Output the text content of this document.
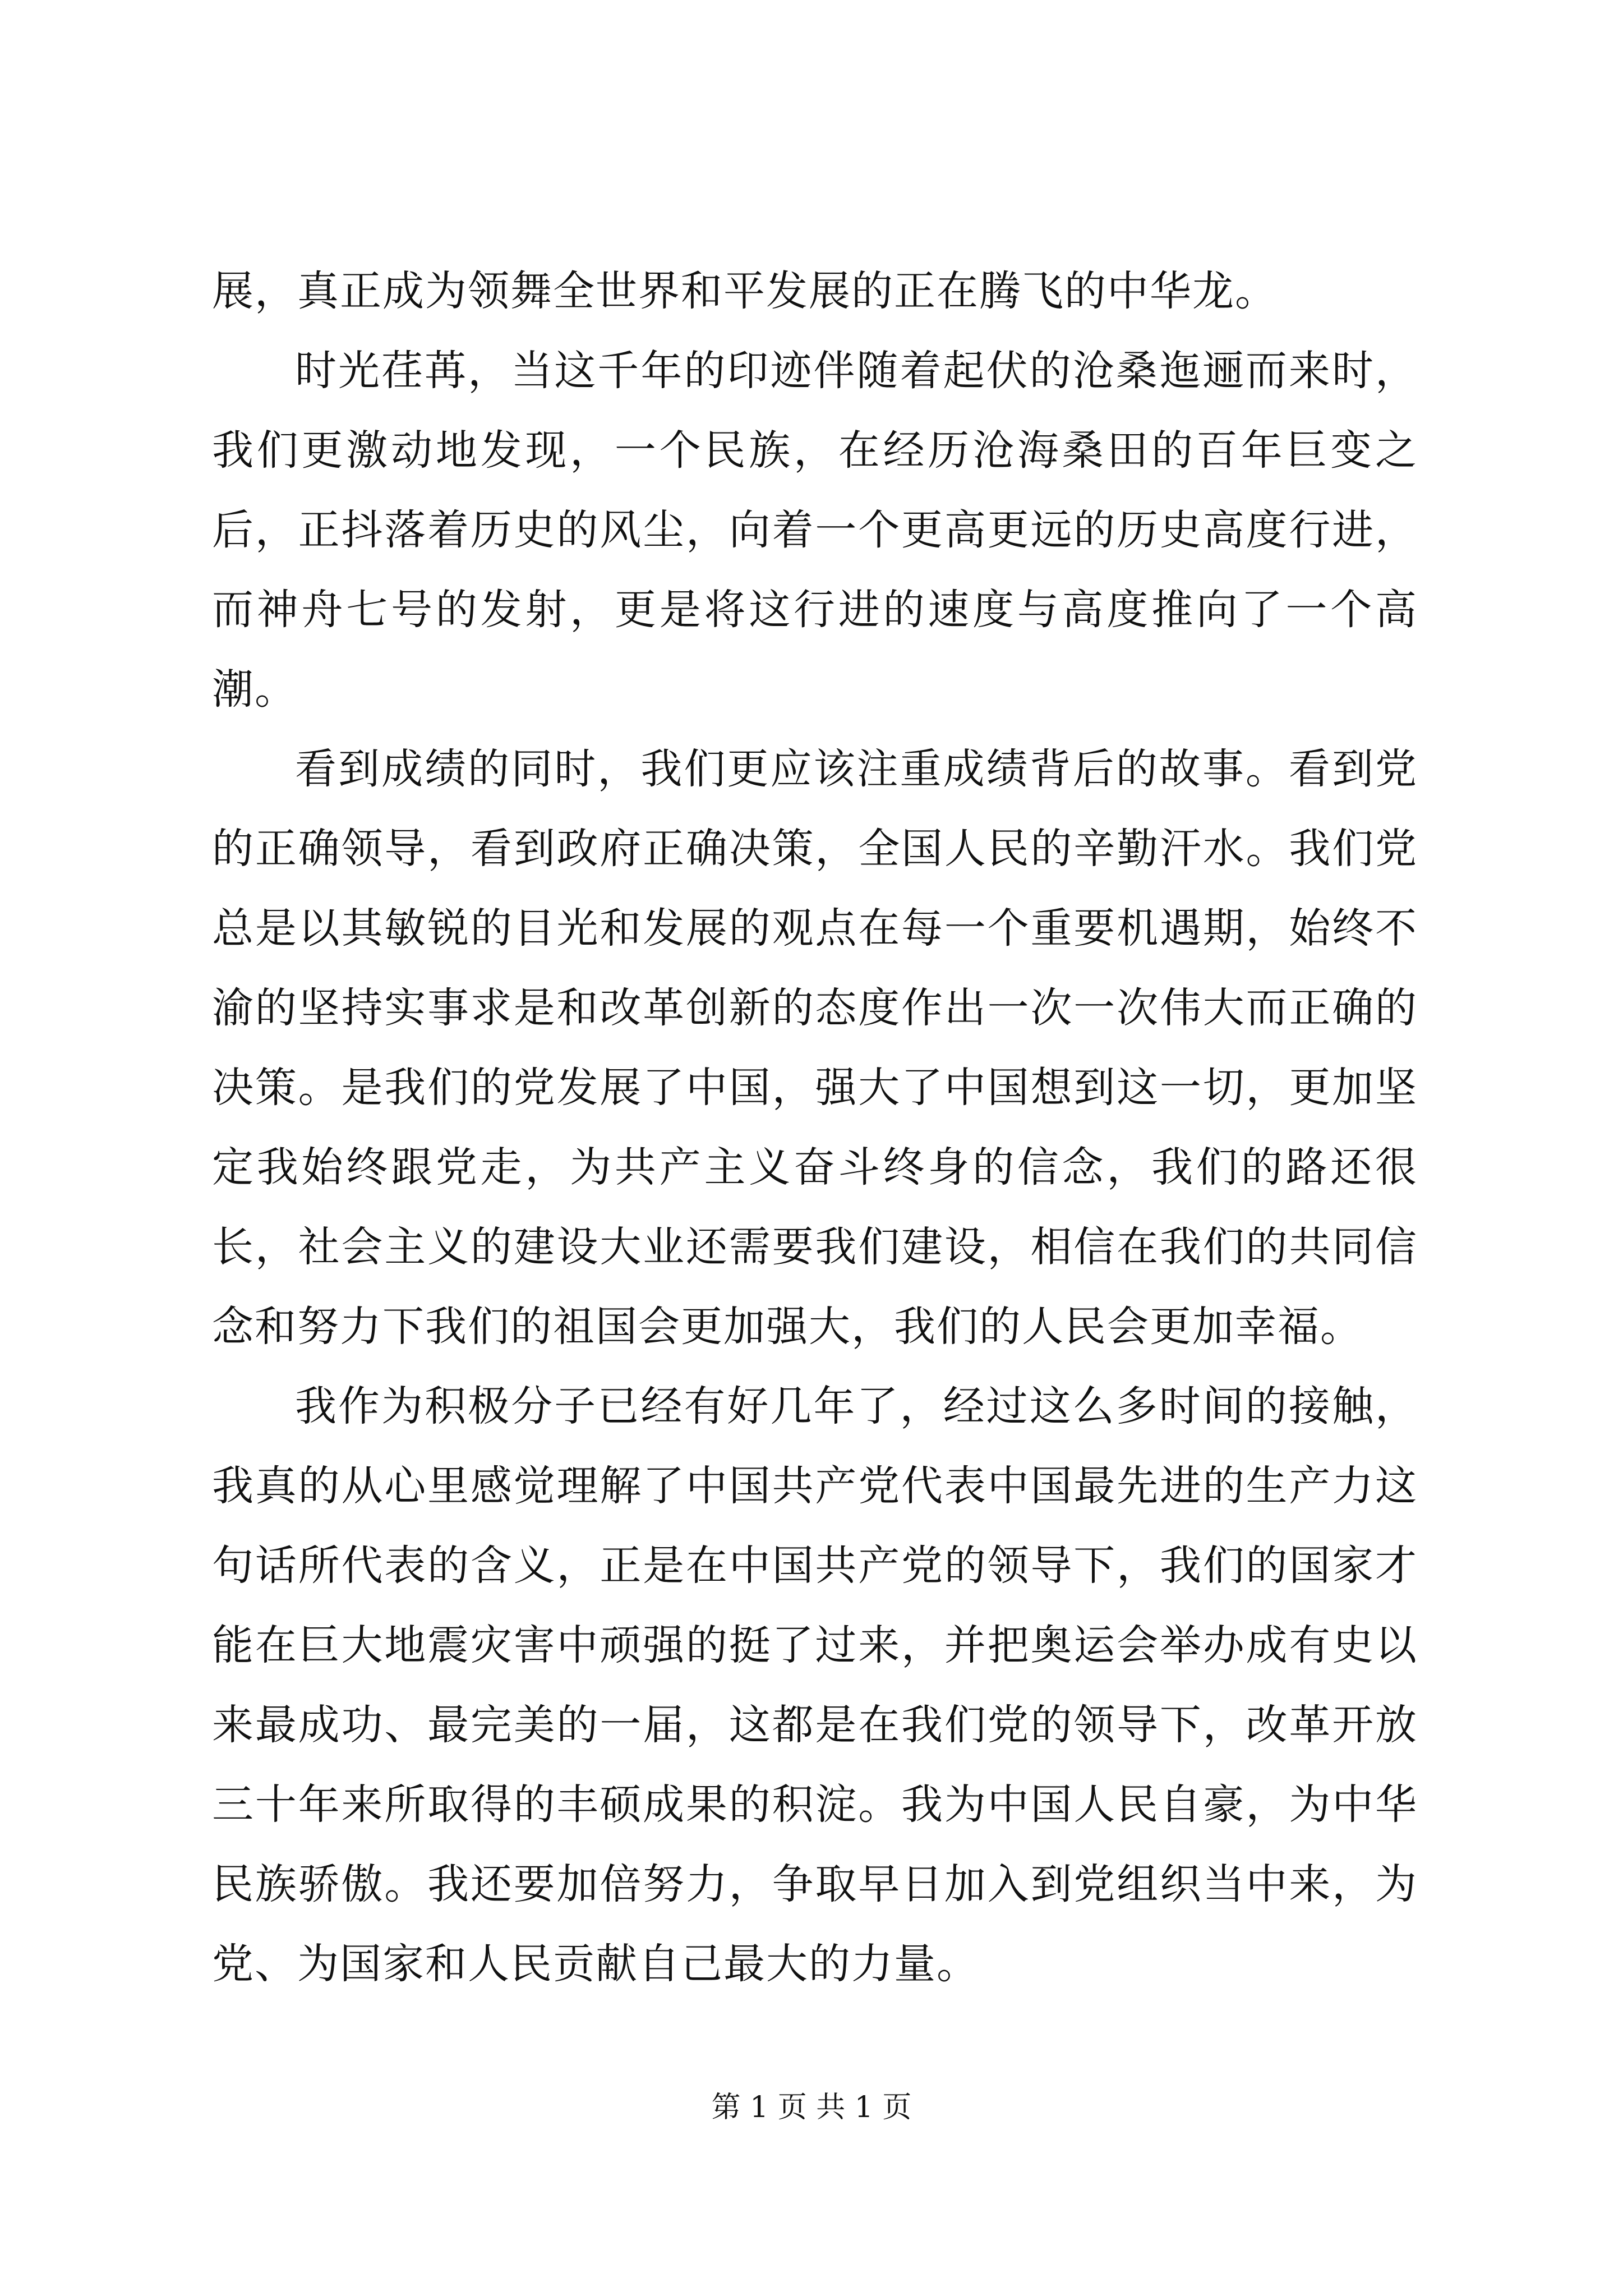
展，真正成为领舞全世界和平发展的正在腾飞的中华龙。

时光荏苒，当这千年的印迹伴随着起伏的沧桑迤逦而来时，我们更激动地发现，一个民族，在经历沧海桑田的百年巨变之后，正抖落着历史的风尘，向着一个更高更远的历史高度行进，而神舟七号的发射，更是将这行进的速度与高度推向了一个高潮。

看到成绩的同时，我们更应该注重成绩背后的故事。看到党的正确领导，看到政府正确决策，全国人民的辛勤汗水。我们党总是以其敏锐的目光和发展的观点在每一个重要机遇期，始终不渝的坚持实事求是和改革创新的态度作出一次一次伟大而正确的决策。是我们的党发展了中国，强大了中国想到这一切，更加坚定我始终跟党走，为共产主义奋斗终身的信念，我们的路还很长，社会主义的建设大业还需要我们建设，相信在我们的共同信念和努力下我们的祖国会更加强大，我们的人民会更加幸福。

我作为积极分子已经有好几年了，经过这么多时间的接触，我真的从心里感觉理解了中国共产党代表中国最先进的生产力这句话所代表的含义，正是在中国共产党的领导下，我们的国家才能在巨大地震灾害中顽强的挺了过来，并把奥运会举办成有史以来最成功、最完美的一届，这都是在我们党的领导下，改革开放三十年来所取得的丰硕成果的积淀。我为中国人民自豪，为中华民族骄傲。我还要加倍努力，争取早日加入到党组织当中来，为党、为国家和人民贡献自己最大的力量。

第 1 页 共 1 页
